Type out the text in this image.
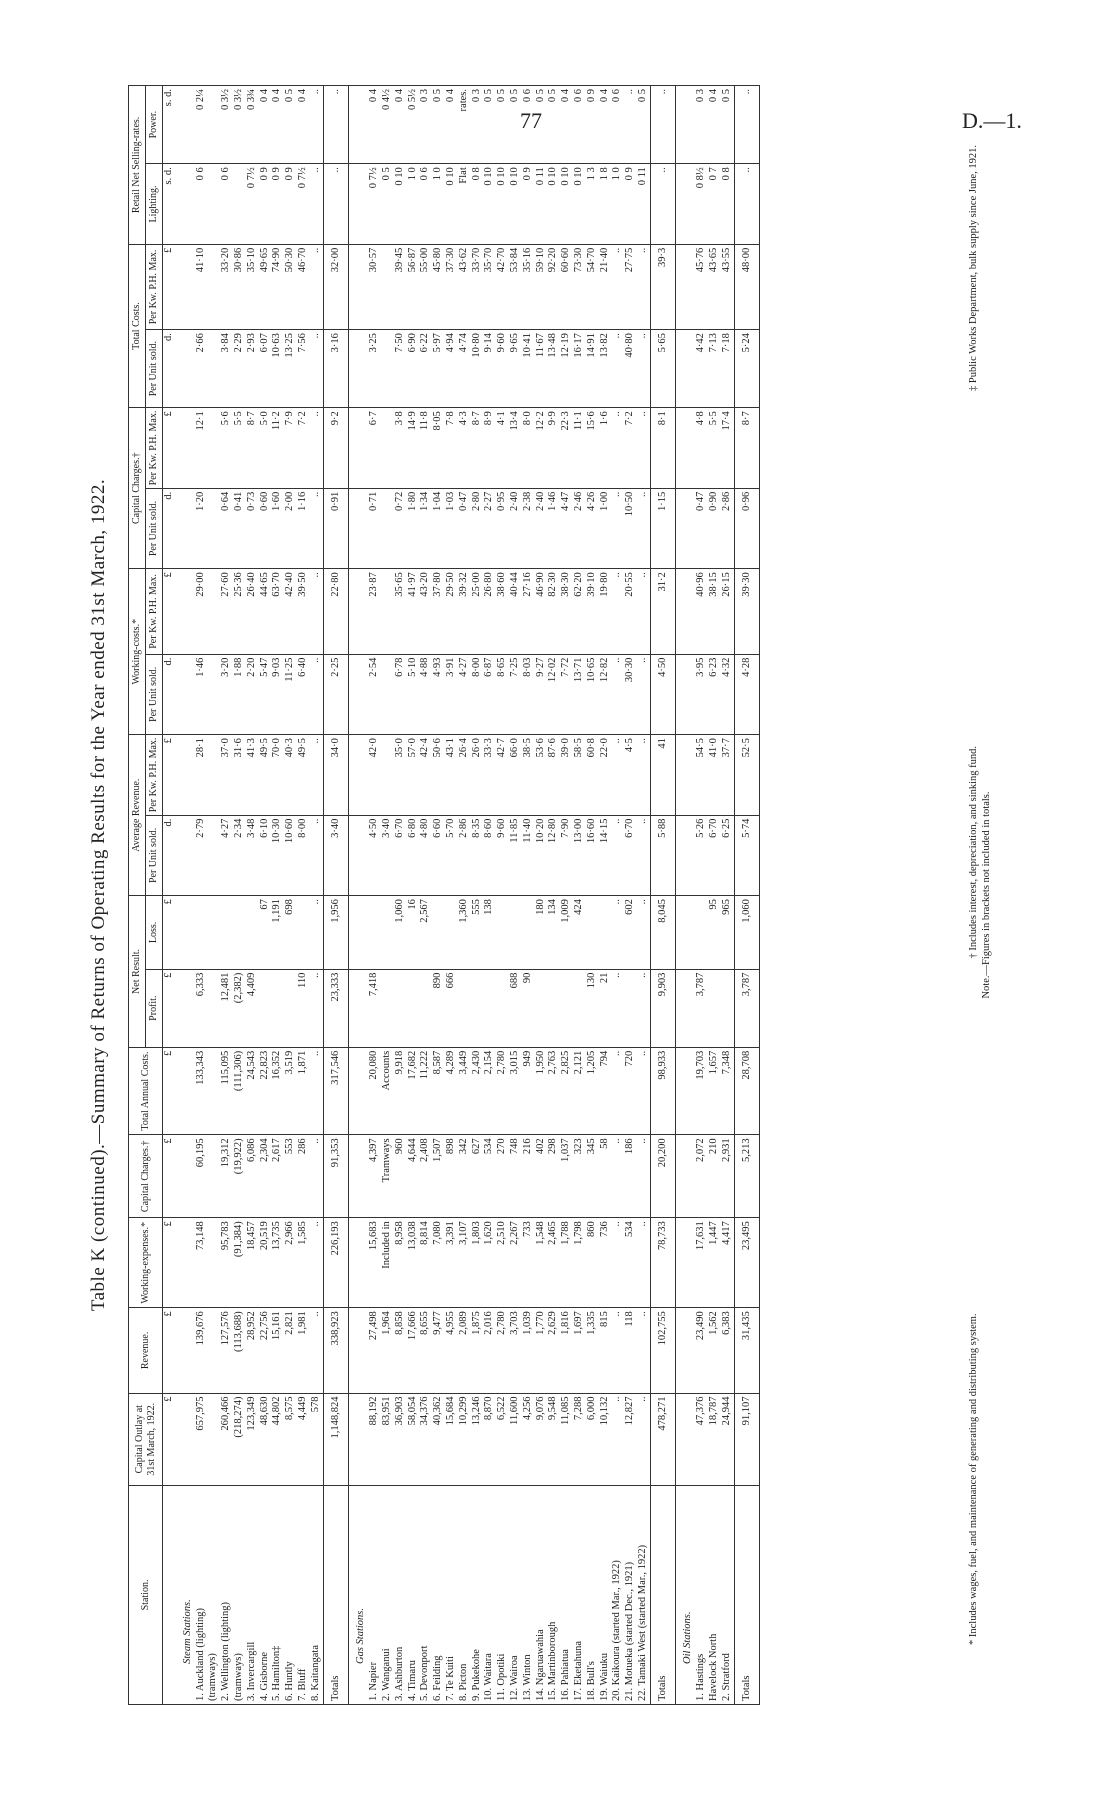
77	D.—1.
Table K (continued).—Summary of Returns of Operating Results for the Year ended 31st March, 1922.
Station.	Capital Outlay at 31st March, 1922.	Revenue.	Working-expenses.*	Capital Charges.†	Total Annual Costs.	Net Result.		Average Revenue.		Working-costs.*		Capital Charges.†		Total Costs.		Retail Net Selling-rates.	
						Profit.	Loss.	Per Unit sold.	Per Kw. P.H. Max.	Per Unit sold.	Per Kw. P.H. Max.	Per Unit sold.	Per Kw. P.H. Max.	Per Unit sold.	Per Kw. P.H. Max.	Lighting.	Power.
	£	£	£	£	£	£	£	d.	£	d.	£	d.	£	d.	£	s. d.	s. d.
Steam Stations.																	
1. Auckland (lighting)	657,975	139,676	73,148	60,195	133,343	6,333		2·79	28·1	1·46	29·00	1·20	12·1	2·66	41·10	0 6	0 2¼
(tramways)																	
2. Wellington (lighting)	260,466	127,576	95,783	19,312	115,095	12,481		4·27	37·0	3·20	27·60	0·64	5·6	3·84	33·20	0 6	0 3½
(tramways)	(218,274)	(113,688)	(91,384)	(19,922)	(111,306)	(2,382)		2·34	31·6	1·88	25·36	0·41	5·5	2·29	30·86		0 3½
3. Invercargill	123,349	28,952	18,457	6,086	24,543	4,409		3·48	41·3	2·20	26·40	0·73	8·7	2·93	35·10	0 7½	0 3¾
4. Gisborne	48,630	22,756	20,519	2,304	22,823		67	6·10	49·5	5·47	44·65	0·60	5·0	6·07	49·65	0 9	0 4
5. Hamilton‡	44,802	15,161	13,735	2,617	16,352		1,191	10·30	70·0	9·03	63·70	1·60	11·2	10·63	74·90	0 9	0 4
6. Huntly	8,575	2,821	2,966	553	3,519		698	10·60	40·3	11·25	42·40	2·00	7·9	13·25	50·30	0 9	0 5
7. Bluff	4,449	1,981	1,585	286	1,871	110		8·00	49·5	6·40	39·50	1·16	7·2	7·56	46·70	0 7½	0 4
8. Kaitangata	578	..	..	..	..	..	..	..	..	..	..	..	..	..	..	..	..
Totals	1,148,824	338,923	226,193	91,353	317,546	23,333	1,956	3·40	34·0	2·25	22·80	0·91	9·2	3·16	32·00	..	..
Gas Stations.																	
1. Napier	88,192	27,498	15,683	4,397	20,080	7,418		4·50	42·0	2·54	23·87	0·71	6·7	3·25	30·57	0 7½	0 4
2. Wanganui	83,951	1,964	Included in	Tramways	Accounts			3·40								0 5	0 4½
3. Ashburton	36,903	8,858	8,958	960	9,918		1,060	6·70	35·0	6·78	35·65	0·72	3·8	7·50	39·45	0 10	0 4
4. Timaru	58,054	17,666	13,038	4,644	17,682		16	6·80	57·0	5·10	41·97	1·80	14·9	6·90	56·87	1 0	0 5½
5. Devonport	34,376	8,655	8,814	2,408	11,222		2,567	4·80	42·4	4·88	43·20	1·34	11·8	6·22	55·00	0 6	0 3
6. Feilding	40,362	9,477	7,080	1,507	8,587	890		6·60	50·6	4·93	37·80	1·04	8·05	5·97	45·80	1 0	0 5
7. Te Kuiti	15,684	4,955	3,391	898	4,289	666		5·70	43·1	3·91	29·50	1·03	7·8	4·94	37·30	0 10	0 4
8. Picton	10,299	2,089	3,107	342	3,449		1,360	2·86	26·4	4·27	39·32	0·47	4·3	4·74	43·62	Flat	rates.
9. Pukekohe	13,246	1,875	1,803	627	2,430		555	8·35	26·0	8·00	25·00	2·80	8·7	10·80	33·70	0 8	0 3
10. Waitara	8,870	2,016	1,620	534	2,154		138	8·60	33·3	6·87	26·80	2·27	8·9	9·14	35·70	0 10	0 5
11. Opotiki	6,522	2,780	2,510	270	2,780			9·60	42·7	8·65	38·60	0·95	4·1	9·60	42·70	0 10	0 5
12. Wairoa	11,600	3,703	2,267	748	3,015	688		11·85	66·0	7·25	40·44	2·40	13·4	9·65	53·84	0 10	0 5
13. Winton	4,256	1,039	733	216	949	90		11·40	38·5	8·03	27·16	2·38	8·0	10·41	35·16	0 9	0 6
14. Ngaruawahia	9,076	1,770	1,548	402	1,950		180	10·20	53·6	9·27	46·90	2·40	12·2	11·67	59·10	0 11	0 5
15. Martinborough	9,548	2,629	2,465	298	2,763		134	12·80	87·6	12·02	82·30	1·46	9·9	13·48	92·20	0 10	0 5
16. Pahiatua	11,085	1,816	1,788	1,037	2,825		1,009	7·90	39·0	7·72	38·30	4·47	22·3	12·19	60·60	0 10	0 4
17. Eketahuna	7,288	1,697	1,798	323	2,121		424	13·00	58·5	13·71	62·20	2·46	11·1	16·17	73·30	0 10	0 6
18. Bull's	6,000	1,335	860	345	1,205	130		16·60	60·8	10·65	39·10	4·26	15·6	14·91	54·70	1 3	0 9
19. Waiuku	10,132	815	736	58	794	21		14·15	22·0	12·82	19·80	1·00	1·6	13·82	21·40	1 8	0 4
20. Kaikoura (started Mar., 1922)	..	..	..	..	..	..	..	..	..	..	..	..	..	..	..	1 0	0 6
21. Motueka (started Dec., 1921)	12,827	118	534	186	720		602	6·70	4·5	30·30	20·55	10·50	7·2	40·80	27·75	0 9	..
22. Tamaki West (started Mar., 1922)	..	..	..	..	..	..	..	..	..	..	..	..	..	..	..	0 11	0 5
Totals	478,271	102,755	78,733	20,200	98,933	9,903	8,045	5·88	41	4·50	31·2	1·15	8·1	5·65	39·3	..	..
Oil Stations.																	
1. Hastings	47,376	23,490	17,631	2,072	19,703	3,787		5·26	54·5	3·95	40·96	0·47	4·8	4·42	45·76	0 8½	0 3
Havelock North	18,787	1,562	1,447	210	1,657		95	6·70	41·0	6·23	38·15	0·90	5·5	7·13	43·65	0 7	0 4
2. Stratford	24,944	6,383	4,417	2,931	7,348		965	6·25	37·7	4·32	26·15	2·86	17·4	7·18	43·55	0 8	0 5
Totals	91,107	31,435	23,495	5,213	28,708	3,787	1,060	5·74	52·5	4·28	39·30	0·96	8·7	5·24	48·00	..	..
* Includes wages, fuel, and maintenance of generating and distributing system.
† Includes interest, depreciation, and sinking fund.
‡ Public Works Department, bulk supply since June, 1921.
Note.—Figures in brackets not included in totals.
